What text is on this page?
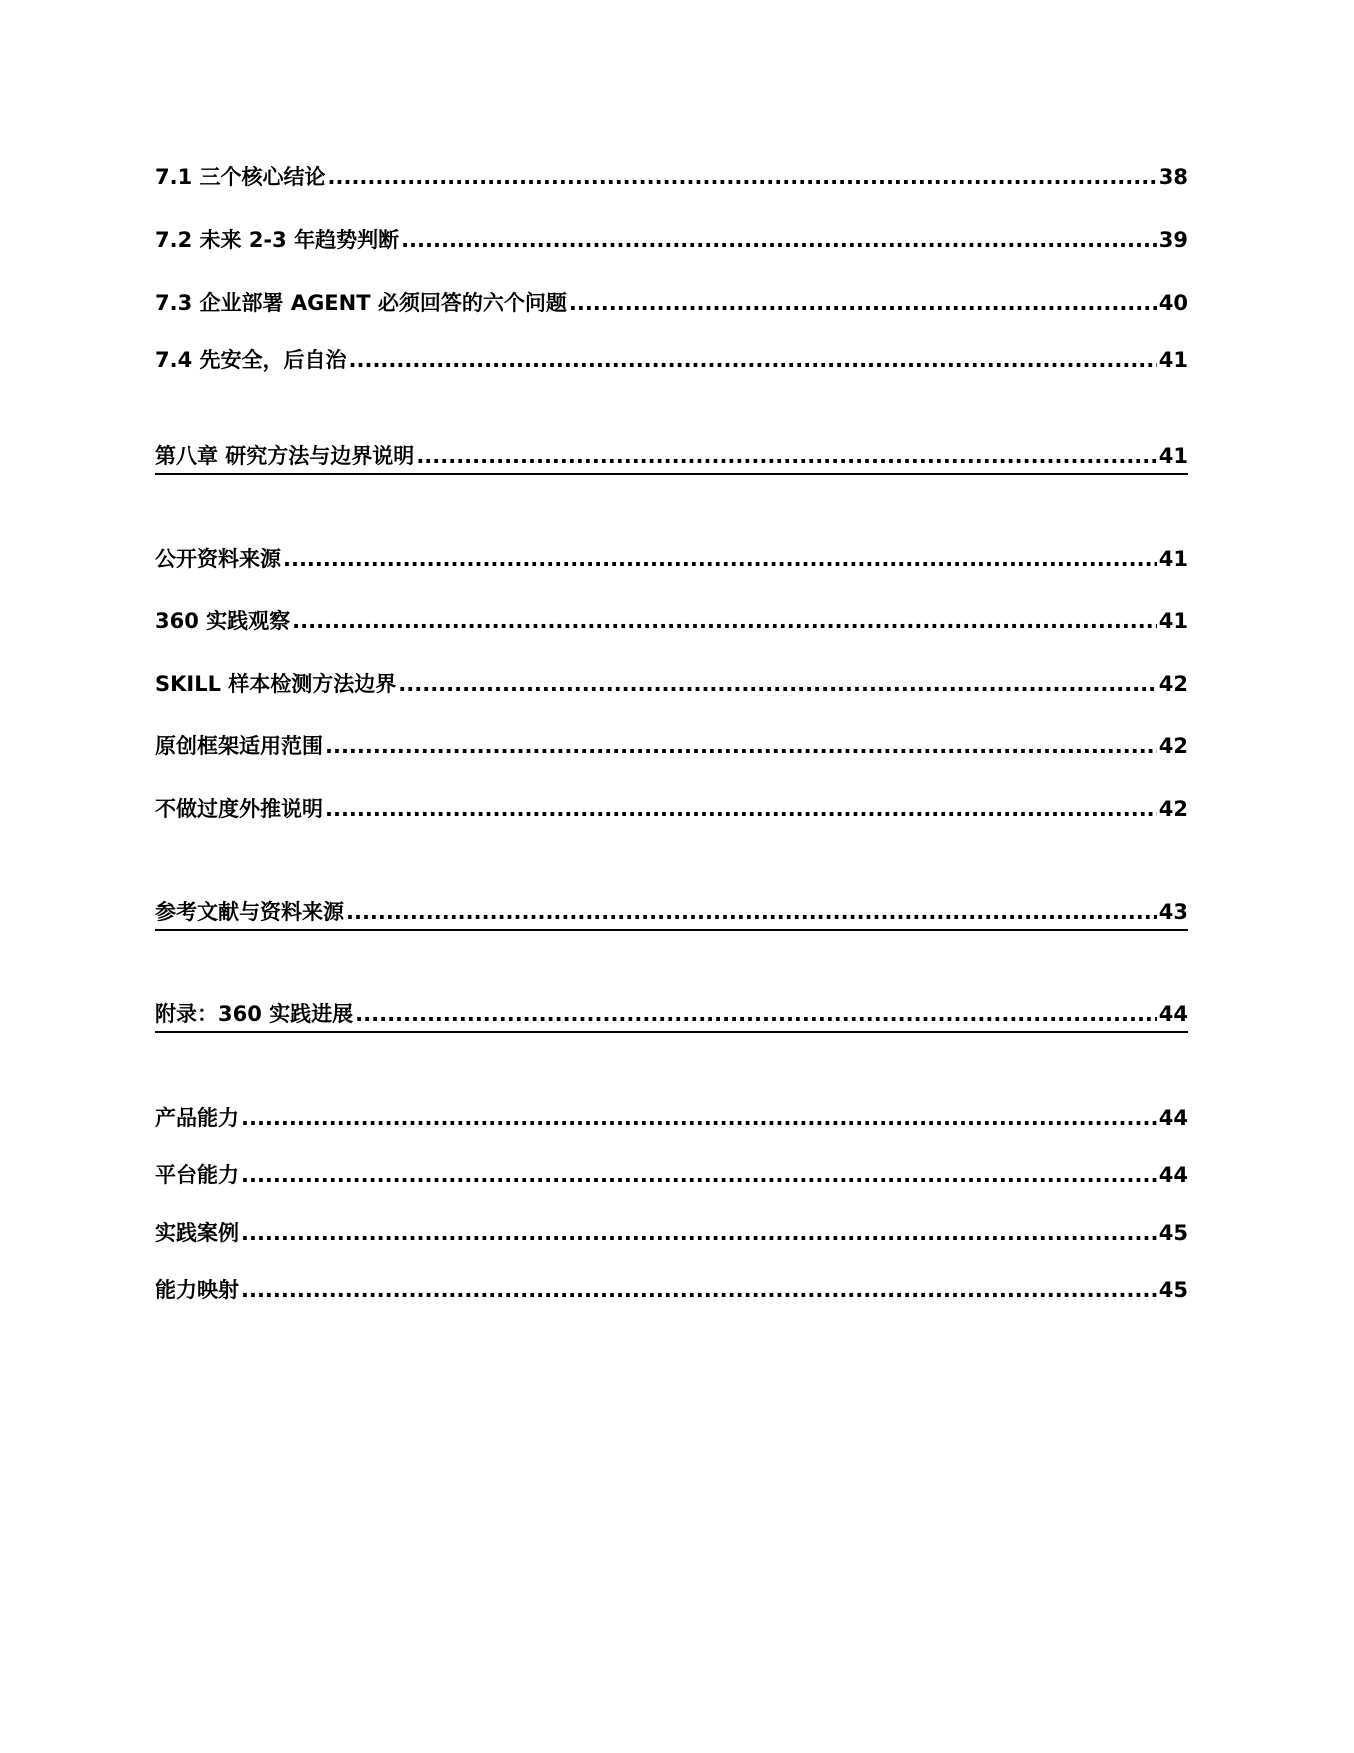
7.1 三个核心结论 .....	38
7.2 未来 2-3 年趋势判断 .....	39
7.3 企业部署 AGENT 必须回答的六个问题 .....	40
7.4 先安全，后自治 .....	41
第八章 研究方法与边界说明 .....	41
公开资料来源 .....	41
360 实践观察 .....	41
SKILL 样本检测方法边界 .....	42
原创框架适用范围 .....	42
不做过度外推说明 .....	42
参考文献与资料来源 .....	43
附录：360 实践进展 .....	44
产品能力 .....	44
平台能力 .....	44
实践案例 .....	45
能力映射 .....	45
